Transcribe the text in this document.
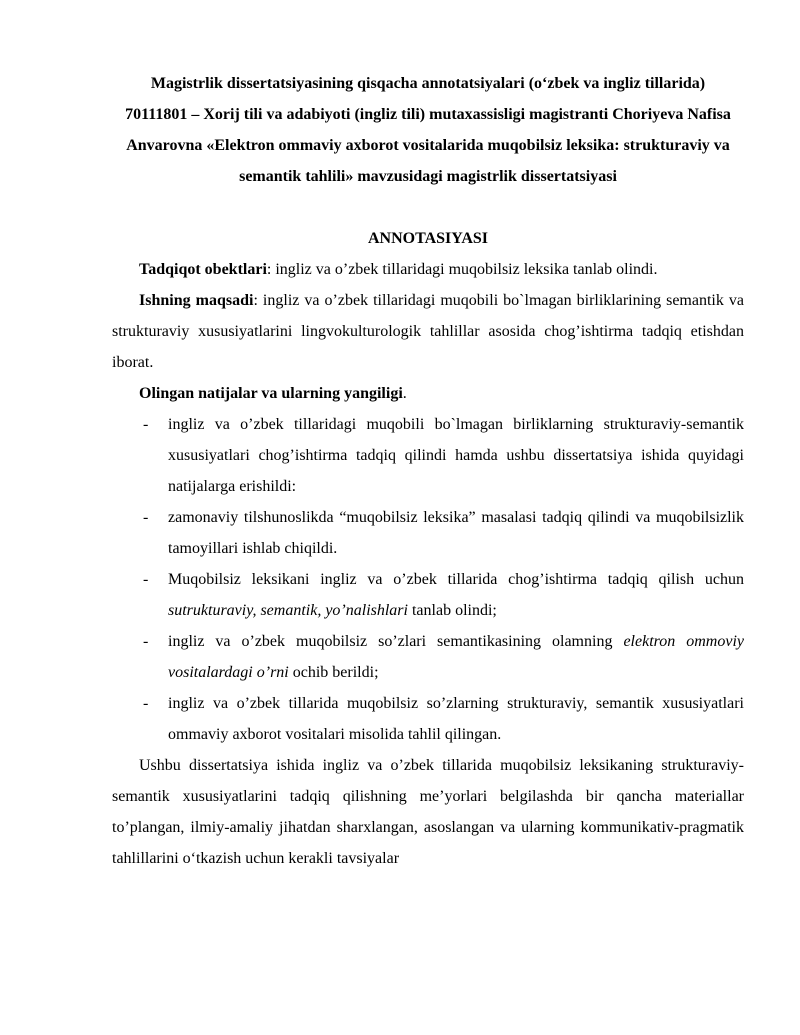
Magistrlik dissertatsiyasining qisqacha annotatsiyalari (o‘zbek va ingliz tillarida)

70111801 – Xorij tili va adabiyoti (ingliz tili) mutaxassisligi magistranti Choriyeva Nafisa Anvarovna «Elektron ommaviy axborot vositalarida muqobilsiz leksika: strukturaviy va semantik tahlili» mavzusidagi magistrlik dissertatsiyasi

ANNOTASIYASI

Tadqiqot obektlari: ingliz va o’zbek tillaridagi muqobilsiz leksika tanlab olindi.

Ishning maqsadi: ingliz va o’zbek tillaridagi muqobili bo`lmagan birliklarining semantik va strukturaviy xususiyatlarini lingvokulturologik tahlillar asosida chog’ishtirma tadqiq etishdan iborat.

Olingan natijalar va ularning yangiligi.

- ingliz va o’zbek tillaridagi muqobili bo`lmagan birliklarning strukturaviy-semantik xususiyatlari chog’ishtirma tadqiq qilindi hamda ushbu dissertatsiya ishida quyidagi natijalarga erishildi:
- zamonaviy tilshunoslikda “muqobilsiz leksika” masalasi tadqiq qilindi va muqobilsizlik tamoyillari ishlab chiqildi.
- Muqobilsiz leksikani ingliz va o’zbek tillarida chog’ishtirma tadqiq qilish uchun sutrukturaviy, semantik, yo’nalishlari tanlab olindi;
- ingliz va o’zbek muqobilsiz so’zlari semantikasining olamning elektron ommoviy vositalardagi o’rni ochib berildi;
- ingliz va o’zbek tillarida muqobilsiz so’zlarning strukturaviy, semantik xususiyatlari ommaviy axborot vositalari misolida tahlil qilingan.

Ushbu dissertatsiya ishida ingliz va o’zbek tillarida muqobilsiz leksikaning strukturaviy-semantik xususiyatlarini tadqiq qilishning me’yorlari belgilashda bir qancha materiallar to’plangan, ilmiy-amaliy jihatdan sharxlangan, asoslangan va ularning kommunikativ-pragmatik tahlillarini o‘tkazish uchun kerakli tavsiyalar
